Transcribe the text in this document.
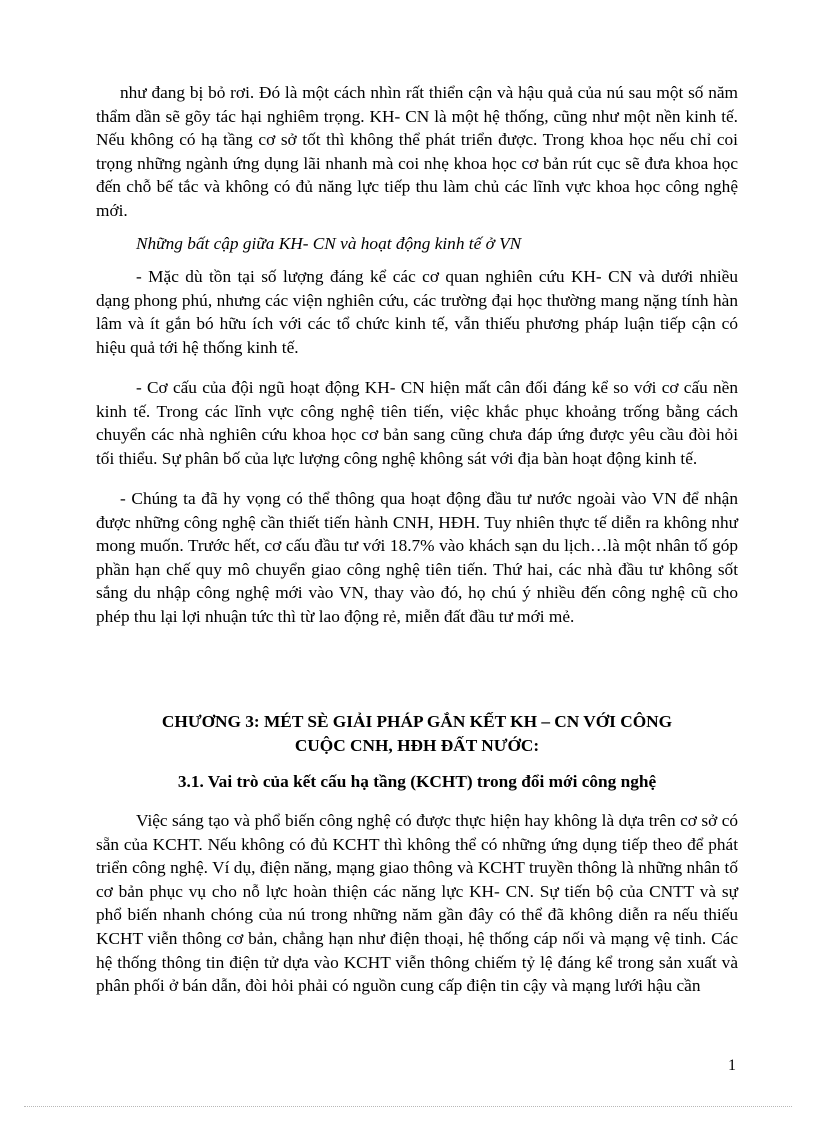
như đang bị bỏ rơi. Đó là một cách nhìn rất thiển cận và hậu quả của nú sau một số năm thẩm dần sẽ gõy tác hại nghiêm trọng. KH- CN là một hệ thống, cũng như một nền kinh tế. Nếu không có hạ tầng cơ sở tốt thì không thể phát triển được. Trong khoa học nếu chỉ coi trọng những ngành ứng dụng lãi nhanh mà coi nhẹ khoa học cơ bản rút cục sẽ đưa khoa học đến chỗ bế tắc và không có đủ năng lực tiếp thu làm chủ các lĩnh vực khoa học công nghệ mới.

Những bất cập giữa KH- CN và hoạt động kinh tế ở VN

- Mặc dù tồn tại số lượng đáng kể các cơ quan nghiên cứu KH- CN và dưới nhiều dạng phong phú, nhưng các viện nghiên cứu, các trường đại học thường mang nặng tính hàn lâm và ít gắn bó hữu ích với các tổ chức kinh tế, vẫn thiếu phương pháp luận tiếp cận có hiệu quả tới hệ thống kinh tế.

- Cơ cấu của đội ngũ hoạt động KH- CN hiện mất cân đối đáng kể so với cơ cấu nền kinh tế. Trong các lĩnh vực công nghệ tiên tiến, việc khắc phục khoảng trống bằng cách chuyển các nhà nghiên cứu khoa học cơ bản sang cũng chưa đáp ứng được yêu cầu đòi hỏi tối thiểu. Sự phân bố của lực lượng công nghệ không sát với địa bàn hoạt động kinh tế.

- Chúng ta đã hy vọng có thể thông qua hoạt động đầu tư nước ngoài vào VN để nhận được những công nghệ cần thiết tiến hành CNH, HĐH. Tuy nhiên thực tế diễn ra không như mong muốn. Trước hết, cơ cấu đầu tư với 18.7% vào khách sạn du lịch…là một nhân tố góp phần hạn chế quy mô chuyển giao công nghệ tiên tiến. Thứ hai, các nhà đầu tư không sốt sắng du nhập công nghệ mới vào VN, thay vào đó, họ chú ý nhiều đến công nghệ cũ cho phép thu lại lợi nhuận tức thì từ lao động rẻ, miễn đất đầu tư mới mẻ.

CHƯƠNG 3: MÉT SÈ GIẢI PHÁP GẮN KẾT KH – CN VỚI CÔNG
CUỘC CNH, HĐH ĐẤT NƯỚC:

3.1. Vai trò của kết cấu hạ tầng (KCHT) trong đổi mới công nghệ

Việc sáng tạo và phổ biến công nghệ có được thực hiện hay không là dựa trên cơ sở có sẵn của KCHT. Nếu không có đủ KCHT thì không thể có những ứng dụng tiếp theo để phát triển công nghệ. Ví dụ, điện năng, mạng giao thông và KCHT truyền thông là những nhân tố cơ bản phục vụ cho nỗ lực hoàn thiện các năng lực KH- CN. Sự tiến bộ của CNTT và sự phổ biến nhanh chóng của nú trong những năm gần đây có thể đã không diễn ra nếu thiếu KCHT viễn thông cơ bản, chẳng hạn như điện thoại, hệ thống cáp nối và mạng vệ tinh. Các hệ thống thông tin điện tử dựa vào KCHT viễn thông chiếm tỷ lệ đáng kể trong sản xuất và phân phối ở bán dẫn, đòi hỏi phải có nguồn cung cấp điện tin cậy và mạng lưới hậu cần

1
